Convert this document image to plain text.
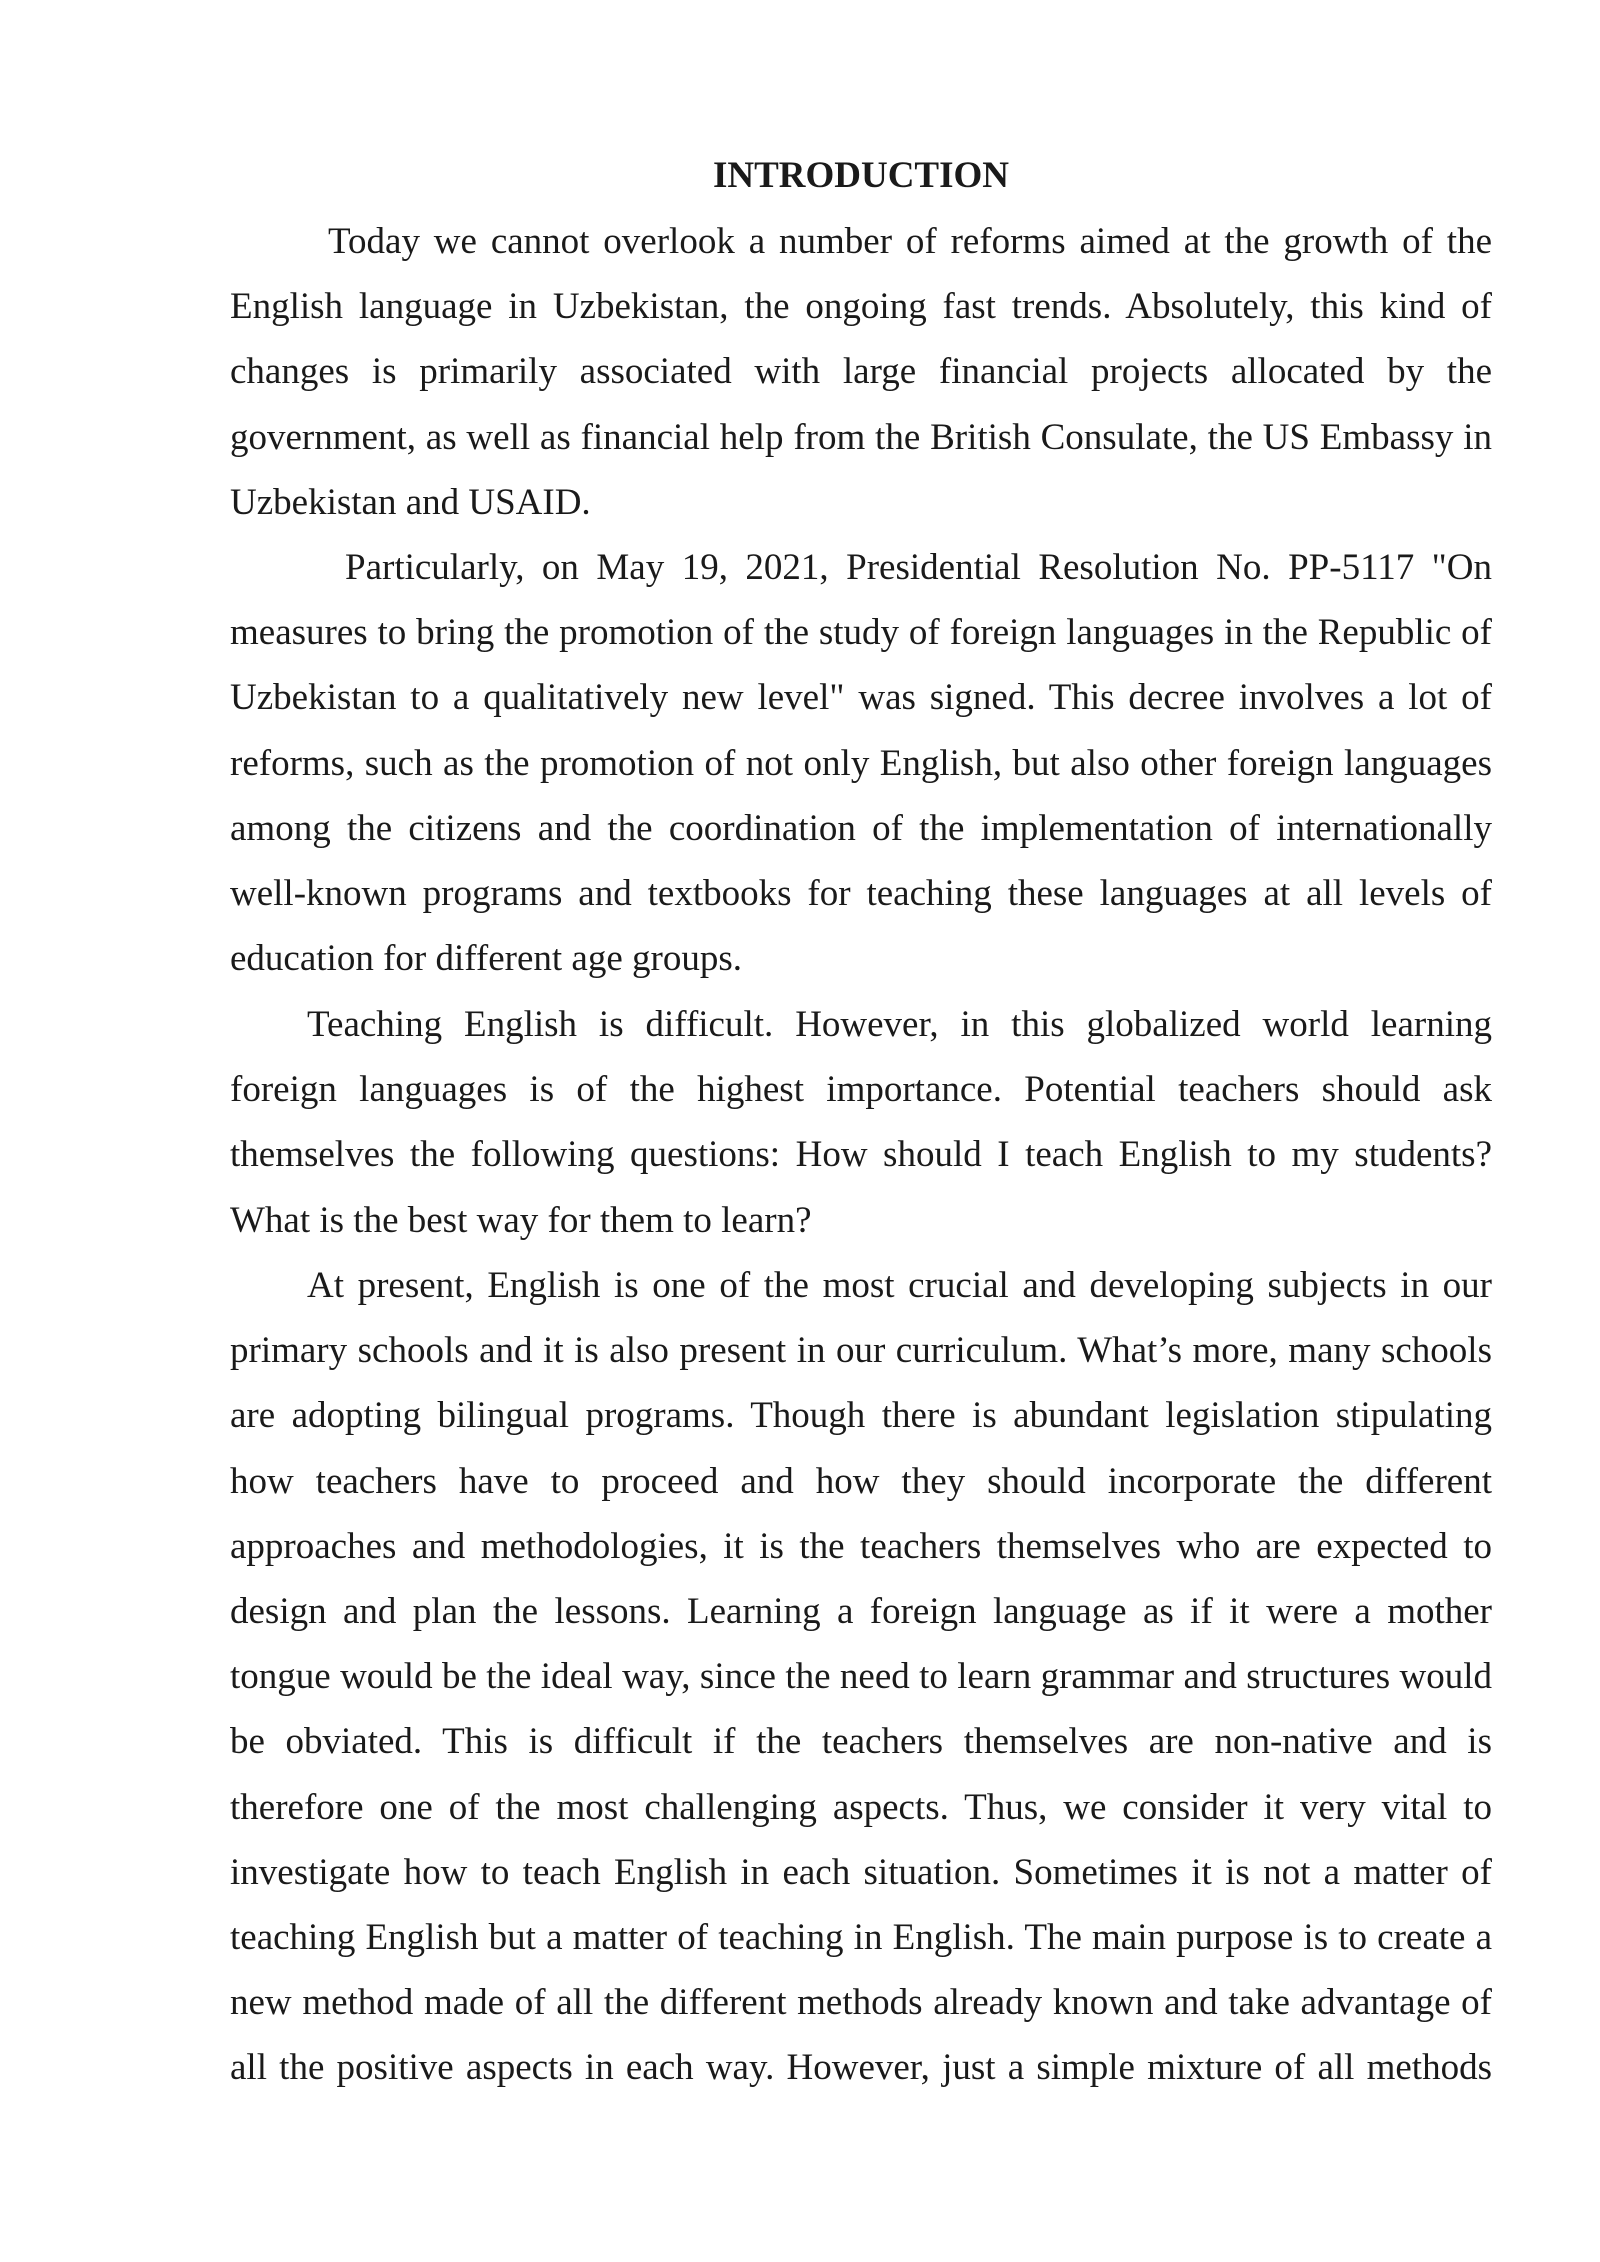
INTRODUCTION

Today we cannot overlook a number of reforms aimed at the growth of the English language in Uzbekistan, the ongoing fast trends. Absolutely, this kind of changes is primarily associated with large financial projects allocated by the government, as well as financial help from the British Consulate, the US Embassy in Uzbekistan and USAID.

Particularly, on May 19, 2021, Presidential Resolution No. PP-5117 "On measures to bring the promotion of the study of foreign languages in the Republic of Uzbekistan to a qualitatively new level" was signed. This decree involves a lot of reforms, such as the promotion of not only English, but also other foreign languages among the citizens and the coordination of the implementation of internationally well-known programs and textbooks for teaching these languages at all levels of education for different age groups.

Teaching English is difficult. However, in this globalized world learning foreign languages is of the highest importance. Potential teachers should ask themselves the following questions: How should I teach English to my students? What is the best way for them to learn?

At present, English is one of the most crucial and developing subjects in our primary schools and it is also present in our curriculum. What’s more, many schools are adopting bilingual programs. Though there is abundant legislation stipulating how teachers have to proceed and how they should incorporate the different approaches and methodologies, it is the teachers themselves who are expected to design and plan the lessons. Learning a foreign language as if it were a mother tongue would be the ideal way, since the need to learn grammar and structures would be obviated. This is difficult if the teachers themselves are non-native and is therefore one of the most challenging aspects. Thus, we consider it very vital to investigate how to teach English in each situation. Sometimes it is not a matter of teaching English but a matter of teaching in English. The main purpose is to create a new method made of all the different methods already known and take advantage of all the positive aspects in each way. However, just a simple mixture of all methods
